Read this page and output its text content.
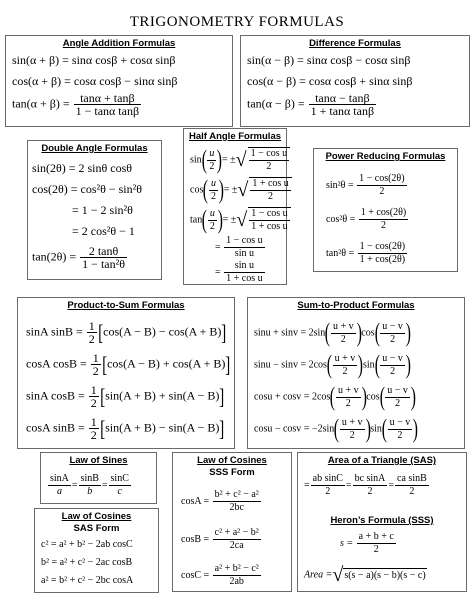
TRIGONOMETRY FORMULAS
Angle Addition Formulas
sin(α + β) = sinα cosβ + cosα sinβ
cos(α + β) = cosα cosβ − sinα sinβ
$\tan(\alpha + \beta) = \frac{\tan\alpha + \tan\beta}{\text{1 − tanα tanβ}}$
Difference Formulas
sin(α − β) = sinα cosβ − cosα sinβ
cos(α − β) = cosα cosβ + sinα sinβ
$\tan(\alpha - \beta) = \frac{\tan\alpha - \tan\beta}{\text{1 + tanα tanβ}}$
Double Angle Formulas
sin(2θ) = 2 sinθ cosθ
cos(2θ) = cos²θ − sin²θ
= 1 − 2 sin²θ
= 2 cos²θ − 1
$\tan(2\theta) = \frac{2 \tan\theta}{\text{1 − tan²θ}}$
Half Angle Formulas
$\sin( \frac{u}{2}$ )= ±√ $\frac{\text{1 − cos u}}{2}$
$\cos( \frac{u}{2}$ )= ±√ $\frac{\text{1 + cos u}}{2}$
$\tan( \frac{u}{2}$ )= ±√ $\frac{\text{1 − cos u}}{\text{1 + cos u}}$
= $\frac{\text{1 − cos u}}{\text{sin u}}$
= $\frac{\text{sin u}}{\text{1 + cos u}}$
Power Reducing Formulas
$\sin^2\theta = \frac{1 - \cos(2\theta)}{2}$
$\cos^2\theta = \frac{1 + \cos(2\theta)}{2}$
$\tan^2\theta = \frac{1 - \cos(2\theta)}{1 + \cos(2\theta)}$
Product-to-Sum Formulas
sinA $\sin B = \frac{1}{2} [\cos(A - B) - \cos(A + B)]$
cosA $\cos B = \frac{1}{2} [\cos(A - B) + \cos(A + B)]$
sinA $\cos B = \frac{1}{2} [\sin(A + B) + \sin(A - B)]$
cosA $\sin B = \frac{1}{2} [\sin(A + B) - \sin(A - B)]$
Sum-to-Product Formulas
$\sin u + \sin v = 2\sin( \frac{u + v}{2} )\cos( \frac{u - v}{2}$ )
$\sin u - \sin v = 2\cos( \frac{u + v}{2} )\sin( \frac{u - v}{2}$ )
$\cos u + \cos v = 2\cos( \frac{u + v}{2} )\cos( \frac{u - v}{2}$ )
$\cos u - \cos v = -2\sin( \frac{u + v}{2} )\sin( \frac{u - v}{2}$ )
Law of Sines
$\frac{\sin A}{a} = \frac{\sin B}{b} = \frac{\sin C}{c}$
Law of Cosines
SAS Form
c² = a² + b² − 2ab cosC
b² = a² + c² − 2ac cosB
a² = b² + c² − 2bc cosA
Law of Cosines
SSS Form
$\cos A = \frac{\text{b² + c² − a²}}{2bc}$
$\cos B = \frac{\text{c² + a² − b²}}{2ca}$
$\cos C = \frac{\text{a² + b² − c²}}{2ab}$
Area of a Triangle (SAS)
= $\frac{\text{ab sinC}}{2} = \frac{\text{bc sinA}}{2} = \frac{\text{ca sinB}}{2}$
Heron’s Formula (SSS)
$s = \frac{a + b + c}{2}$
Area =√s(s − a)(s − b)(s − c)
